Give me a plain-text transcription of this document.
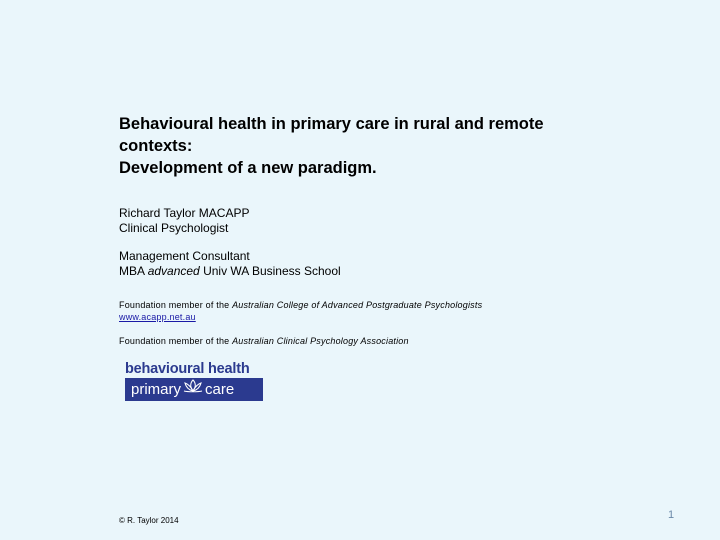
Behavioural health in primary care in rural and remote
contexts:
Development of a new paradigm.
Richard Taylor MACAPP
Clinical Psychologist
Management Consultant
MBA advanced Univ WA Business School
Foundation member of the Australian College of Advanced Postgraduate Psychologists
www.acapp.net.au
Foundation member of the Australian Clinical Psychology Association
behavioural health
primary care
© R. Taylor 2014	1
